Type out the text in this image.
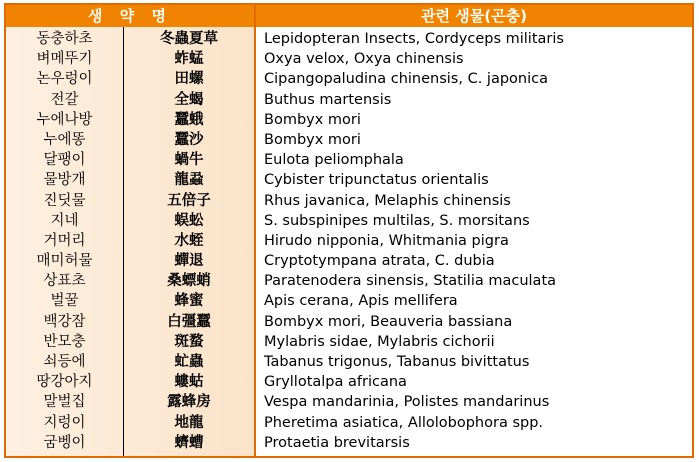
생 약 명	관련 생물(곤충)
동충하초
벼메뚜기
논우렁이
전갈
누에나방
누에똥
달팽이
물방개
진딧물
지네
거머리
매미허물
상표초
벌꿀
백강잠
반모충
쇠등에
땅강아지
말벌집
지렁이
굼벵이
冬蟲夏草
蚱蜢
田螺
全蝎
蠶蛾
蠶沙
蝸牛
龍蝨
五倍子
蜈蚣
水蛭
蟬退
桑螵蛸
蜂蜜
白彊蠶
斑蝥
虻蟲
螻蛄
露蜂房
地龍
蠐螬
Lepidopteran Insects, Cordyceps militaris
Oxya velox, Oxya chinensis
Cipangopaludina chinensis, C. japonica
Buthus martensis
Bombyx mori
Bombyx mori
Eulota peliomphala
Cybister tripunctatus orientalis
Rhus javanica, Melaphis chinensis
S. subspinipes multilas, S. morsitans
Hirudo nipponia, Whitmania pigra
Cryptotympana atrata, C. dubia
Paratenodera sinensis, Statilia maculata
Apis cerana, Apis mellifera
Bombyx mori, Beauveria bassiana
Mylabris sidae, Mylabris cichorii
Tabanus trigonus, Tabanus bivittatus
Gryllotalpa africana
Vespa mandarinia, Polistes mandarinus
Pheretima asiatica, Allolobophora spp.
Protaetia brevitarsis
